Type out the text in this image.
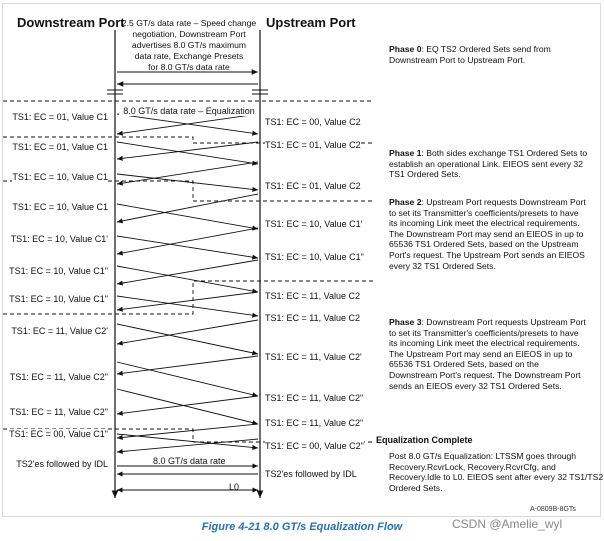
Downstream Port	Upstream Port
2.5 GT/s data rate – Speed change
negotiation, Downstream Port
advertises 8.0 GT/s maximum
data rate, Exchange Presets
for 8.0 GT/s data rate
8.0 GT/s data rate – Equalization
TS1: EC = 01, Value C1
TS1: EC = 01, Value C1
TS1: EC = 10, Value C1
TS1: EC = 10, Value C1
TS1: EC = 10, Value C1'
TS1: EC = 10, Value C1"
TS1: EC = 10, Value C1"
TS1: EC = 11, Value C2'
TS1: EC = 11, Value C2"
TS1: EC = 11, Value C2"
TS1: EC = 00, Value C1"
TS2'es followed by IDL
TS1: EC = 00, Value C2
TS1: EC = 01, Value C2
TS1: EC = 01, Value C2
TS1: EC = 10, Value C1'
TS1: EC = 10, Value C1"
TS1: EC = 11, Value C2
TS1: EC = 11, Value C2
TS1: EC = 11, Value C2'
TS1: EC = 11, Value C2"
TS1: EC = 11, Value C2"
TS1: EC = 00, Value C2"
TS2'es followed by IDL
Phase 0: EQ TS2 Ordered Sets send from Downstream Port to Upstream Port.
Phase 1: Both sides exchange TS1 Ordered Sets to establish an operational Link. EIEOS sent every 32 TS1 Ordered Sets.
Phase 2: Upstream Port requests Downstream Port to set its Transmitter's coefficients/presets to have its incoming Link meet the electrical requirements. The Downstream Port may send an EIEOS in up to 65536 TS1 Ordered Sets, based on the Upstream Port's request. The Upstream Port sends an EIEOS every 32 TS1 Ordered Sets.
Phase 3: Downstream Port requests Upstream Port to set its Transmitter's coefficients/presets to have its incoming Link meet the electrical requirements. The Upstream Port may send an EIEOS in up to 65536 TS1 Ordered Sets, based on the Downstream Port's request. The Downstream Port sends an EIEOS every 32 TS1 Ordered Sets.
Equalization Complete
Post 8.0 GT/s Equalization: LTSSM goes through Recovery.RcvrLock, Recovery.RcvrCfg, and Recovery.Idle to L0. EIEOS sent after every 32 TS1/TS2 Ordered Sets.
8.0 GT/s data rate
L0
A-0809B-8GTs
Figure 4-21 8.0 GT/s Equalization Flow	CSDN @Amelie_wyl
